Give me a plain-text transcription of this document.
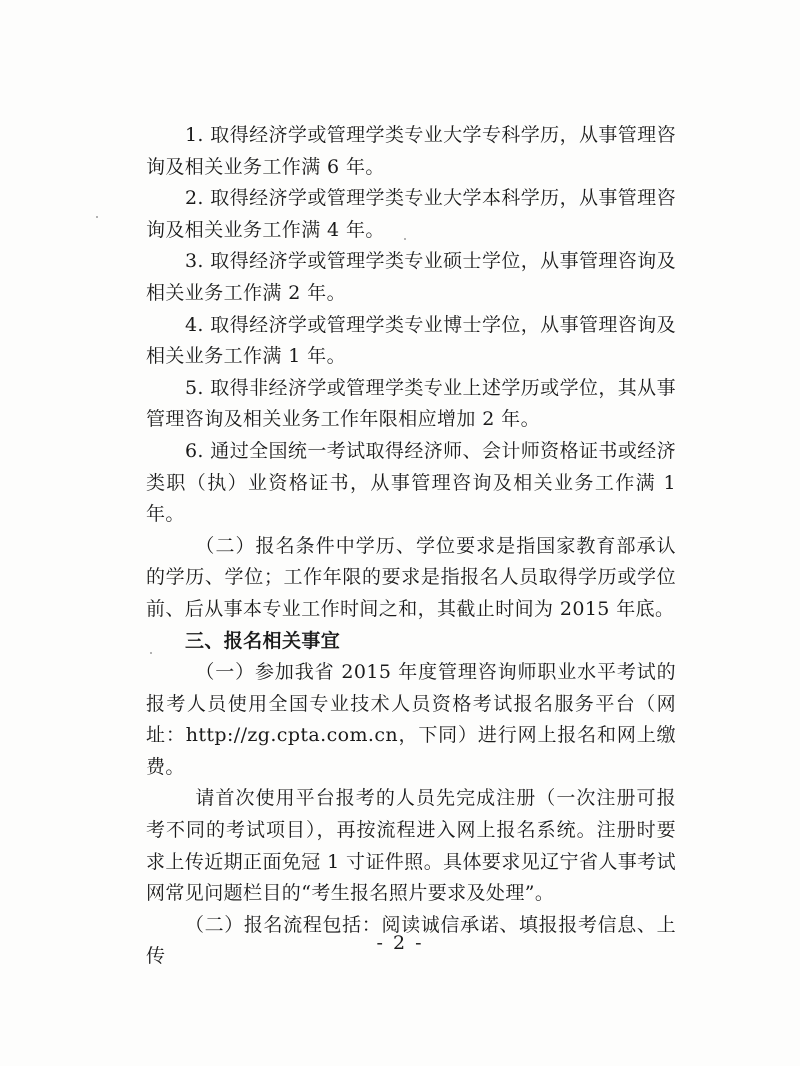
1. 取得经济学或管理学类专业大学专科学历，从事管理咨询及相关业务工作满 6 年。

2. 取得经济学或管理学类专业大学本科学历，从事管理咨询及相关业务工作满 4 年。

3. 取得经济学或管理学类专业硕士学位，从事管理咨询及相关业务工作满 2 年。

4. 取得经济学或管理学类专业博士学位，从事管理咨询及相关业务工作满 1 年。

5. 取得非经济学或管理学类专业上述学历或学位，其从事管理咨询及相关业务工作年限相应增加 2 年。

6. 通过全国统一考试取得经济师、会计师资格证书或经济类职（执）业资格证书，从事管理咨询及相关业务工作满 1 年。

（二）报名条件中学历、学位要求是指国家教育部承认的学历、学位；工作年限的要求是指报名人员取得学历或学位前、后从事本专业工作时间之和，其截止时间为 2015 年底。

三、报名相关事宜

（一）参加我省 2015 年度管理咨询师职业水平考试的报考人员使用全国专业技术人员资格考试报名服务平台（网址：http://zg.cpta.com.cn，下同）进行网上报名和网上缴费。

请首次使用平台报考的人员先完成注册（一次注册可报考不同的考试项目），再按流程进入网上报名系统。注册时要求上传近期正面免冠 1 寸证件照。具体要求见辽宁省人事考试网常见问题栏目的“考生报名照片要求及处理”。

（二）报名流程包括：阅读诚信承诺、填报报考信息、上传

- 2 -
